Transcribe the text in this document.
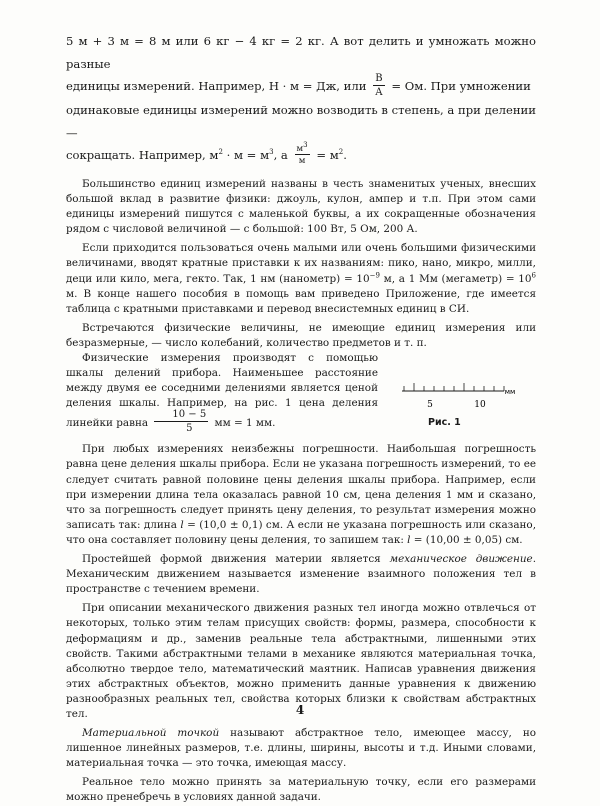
5 м + 3 м = 8 м или 6 кг − 4 кг = 2 кг. А вот делить и умножать можно разные

единицы измерений. Например, Н · м = Дж, или $\frac{В}{А}$ = Ом. При умножении

одинаковые единицы измерений можно возводить в степень, а при делении —

сокращать. Например, $м^2 \cdot м = м^3$, а $\frac{м^3}{м} = м^2$.

Большинство единиц измерений названы в честь знаменитых ученых, внесших большой вклад в развитие физики: джоуль, кулон, ампер и т.п. При этом сами единицы измерений пишутся с маленькой буквы, а их сокращенные обозначения рядом с числовой величиной — с большой: 100 Вт, 5 Ом, 200 А.

Если приходится пользоваться очень малыми или очень большими физическими величинами, вводят кратные приставки к их названиям: пико, нано, микро, милли, деци или кило, мега, гекто. Так, 1 нм (нанометр) = $10^{-9}$ м, а 1 Мм (мегаметр) = $10^6$ м. В конце нашего пособия в помощь вам приведено Приложение, где имеется таблица с кратными приставками и перевод внесистемных единиц в СИ.

Встречаются физические величины, не имеющие единиц измерения или безразмерные, — число колебаний, количество предметов и т. п.

Физические измерения производят с помощью шкалы делений прибора. Наименьшее расстояние между двумя ее соседними делениями является ценой деления шкалы. Например, на рис. 1 цена деления линейки равна $\frac{10 - 5}{5}$ мм = 1 мм.

5	10
мм
Рис. 1

При любых измерениях неизбежны погрешности. Наибольшая погрешность равна цене деления шкалы прибора. Если не указана погрешность измерений, то ее следует считать равной половине цены деления шкалы прибора. Например, если при измерении длина тела оказалась равной 10 см, цена деления 1 мм и сказано, что за погрешность следует принять цену деления, то результат измерения можно записать так: длина l = (10,0 ± 0,1) см. А если не указана погрешность или сказано, что она составляет половину цены деления, то запишем так: l = (10,00 ± 0,05) см.

Простейшей формой движения материи является механическое движение. Механическим движением называется изменение взаимного положения тел в пространстве с течением времени.

При описании механического движения разных тел иногда можно отвлечься от некоторых, только этим телам присущих свойств: формы, размера, способности к деформациям и др., заменив реальные тела абстрактными, лишенными этих свойств. Такими абстрактными телами в механике являются материальная точка, абсолютно твердое тело, математический маятник. Написав уравнения движения этих абстрактных объектов, можно применить данные уравнения к движению разнообразных реальных тел, свойства которых близки к свойствам абстрактных тел.

Материальной точкой называют абстрактное тело, имеющее массу, но лишенное линейных размеров, т.е. длины, ширины, высоты и т.д. Иными словами, материальная точка — это точка, имеющая массу.

Реальное тело можно принять за материальную точку, если его размерами можно пренебречь в условиях данной задачи.

4
